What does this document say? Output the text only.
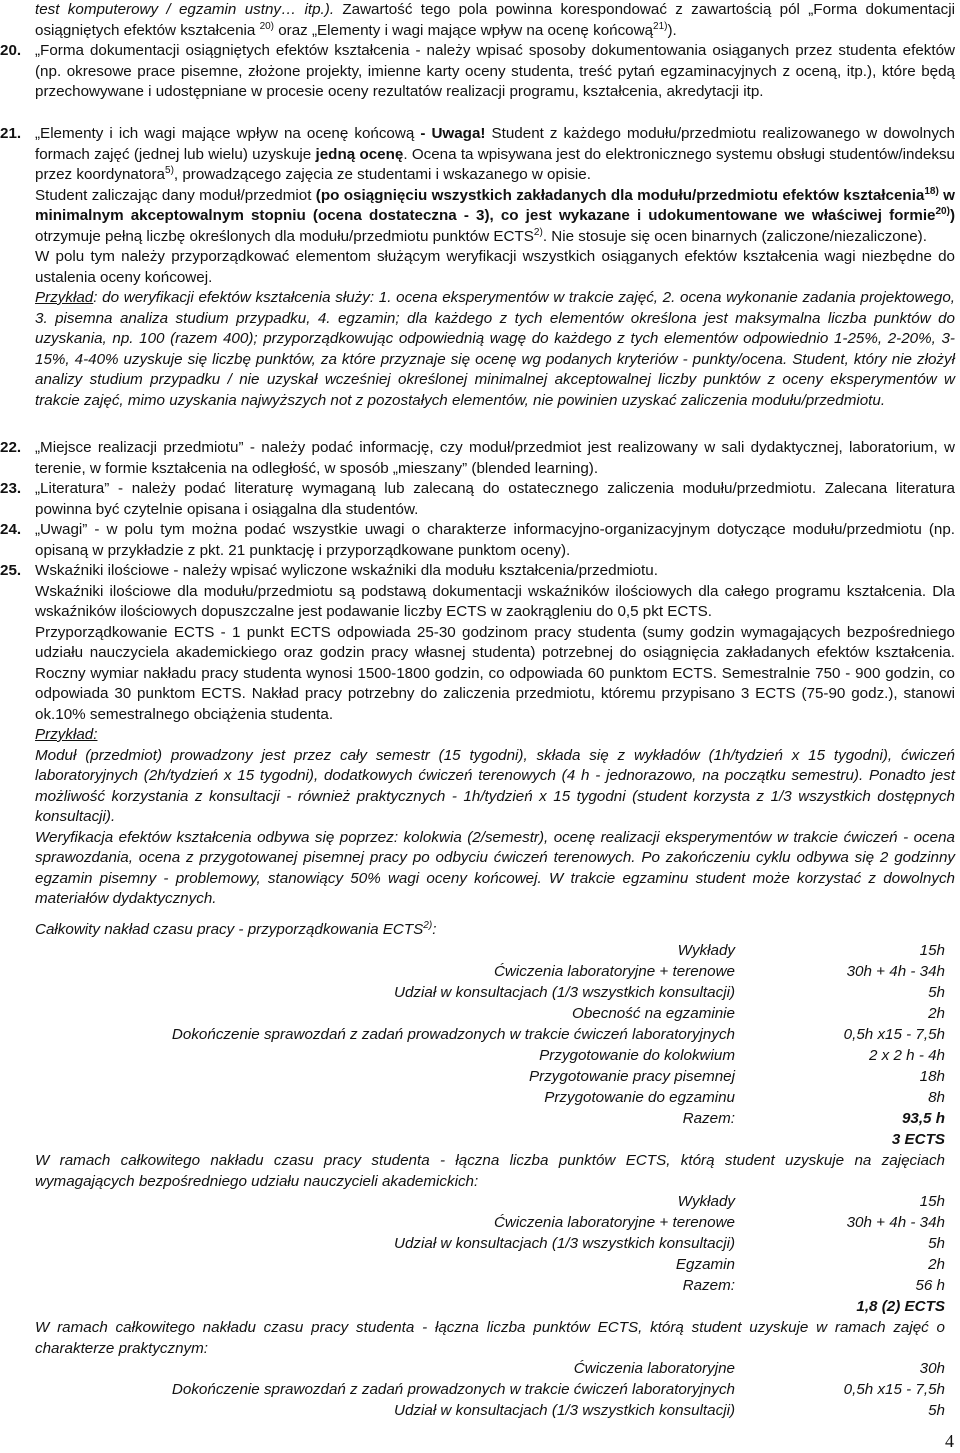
test komputerowy / egzamin ustny… itp.). Zawartość tego pola powinna korespondować z zawartością pól „Forma dokumentacji osiągniętych efektów kształcenia $^{20)}$ oraz „Elementy i wagi mające wpływ na ocenę końcową$^{21)}$).
20. „Forma dokumentacji osiągniętych efektów kształcenia - należy wpisać sposoby dokumentowania osiąganych przez studenta efektów (np. okresowe prace pisemne, złożone projekty, imienne karty oceny studenta, treść pytań egzaminacyjnych z oceną, itp.), które będą przechowywane i udostępniane w procesie oceny rezultatów realizacji programu, kształcenia, akredytacji itp.

21. „Elementy i ich wagi mające wpływ na ocenę końcową - Uwaga! Student z każdego modułu/przedmiotu realizowanego w dowolnych formach zajęć (jednej lub wielu) uzyskuje jedną ocenę. Ocena ta wpisywana jest do elektronicznego systemu obsługi studentów/indeksu przez koordynatora$^{5)}$, prowadzącego zajęcia ze studentami i wskazanego w opisie.

Student zaliczając dany moduł/przedmiot (po osiągnięciu wszystkich zakładanych dla modułu/przedmiotu efektów kształcenia$^{18)}$ w minimalnym akceptowalnym stopniu (ocena dostateczna - 3), co jest wykazane i udokumentowane we właściwej formie$^{20)}$) otrzymuje pełną liczbę określonych dla modułu/przedmiotu punktów ECTS$^{2)}$. Nie stosuje się ocen binarnych (zaliczone/niezaliczone).

W polu tym należy przyporządkować elementom służącym weryfikacji wszystkich osiąganych efektów kształcenia wagi niezbędne do ustalenia oceny końcowej.

Przykład: do weryfikacji efektów kształcenia służy: 1. ocena eksperymentów w trakcie zajęć, 2. ocena wykonanie zadania projektowego, 3. pisemna analiza studium przypadku, 4. egzamin; dla każdego z tych elementów określona jest maksymalna liczba punktów do uzyskania, np. 100 (razem 400); przyporządkowując odpowiednią wagę do każdego z tych elementów odpowiednio 1-25%, 2-20%, 3-15%, 4-40% uzyskuje się liczbę punktów, za które przyznaje się ocenę wg podanych kryteriów - punkty/ocena. Student, który nie złożył analizy studium przypadku / nie uzyskał wcześniej określonej minimalnej akceptowalnej liczby punktów z oceny eksperymentów w trakcie zajęć, mimo uzyskania najwyższych not z pozostałych elementów, nie powinien uzyskać zaliczenia modułu/przedmiotu.

22. „Miejsce realizacji przedmiotu” - należy podać informację, czy moduł/przedmiot jest realizowany w sali dydaktycznej, laboratorium, w terenie, w formie kształcenia na odległość, w sposób „mieszany” (blended learning).

23. „Literatura” - należy podać literaturę wymaganą lub zalecaną do ostatecznego zaliczenia modułu/przedmiotu. Zalecana literatura powinna być czytelnie opisana i osiągalna dla studentów.

24. „Uwagi” - w polu tym można podać wszystkie uwagi o charakterze informacyjno-organizacyjnym dotyczące modułu/przedmiotu (np. opisaną w przykładzie z pkt. 21 punktację i przyporządkowane punktom oceny).

25. Wskaźniki ilościowe - należy wpisać wyliczone wskaźniki dla modułu kształcenia/przedmiotu.

Wskaźniki ilościowe dla modułu/przedmiotu są podstawą dokumentacji wskaźników ilościowych dla całego programu kształcenia. Dla wskaźników ilościowych dopuszczalne jest podawanie liczby ECTS w zaokrągleniu do 0,5 pkt ECTS.

Przyporządkowanie ECTS - 1 punkt ECTS odpowiada 25-30 godzinom pracy studenta (sumy godzin wymagających bezpośredniego udziału nauczyciela akademickiego oraz godzin pracy własnej studenta) potrzebnej do osiągnięcia zakładanych efektów kształcenia. Roczny wymiar nakładu pracy studenta wynosi 1500-1800 godzin, co odpowiada 60 punktom ECTS. Semestralnie 750 - 900 godzin, co odpowiada 30 punktom ECTS. Nakład pracy potrzebny do zaliczenia przedmiotu, któremu przypisano 3 ECTS (75-90 godz.), stanowi ok.10% semestralnego obciążenia studenta.

Przykład:

Moduł (przedmiot) prowadzony jest przez cały semestr (15 tygodni), składa się z wykładów (1h/tydzień x 15 tygodni), ćwiczeń laboratoryjnych (2h/tydzień x 15 tygodni), dodatkowych ćwiczeń terenowych (4 h - jednorazowo, na początku semestru). Ponadto jest możliwość korzystania z konsultacji - również praktycznych - 1h/tydzień x 15 tygodni (student korzysta z 1/3 wszystkich dostępnych konsultacji).

Weryfikacja efektów kształcenia odbywa się poprzez: kolokwia (2/semestr), ocenę realizacji eksperymentów w trakcie ćwiczeń - ocena sprawozdania, ocena z przygotowanej pisemnej pracy po odbyciu ćwiczeń terenowych. Po zakończeniu cyklu odbywa się 2 godzinny egzamin pisemny - problemowy, stanowiący 50% wagi oceny końcowej. W trakcie egzaminu student może korzystać z dowolnych materiałów dydaktycznych.

Całkowity nakład czasu pracy - przyporządkowania ECTS$^{2)}$:
Wykłady	15h
Ćwiczenia laboratoryjne + terenowe	30h + 4h - 34h
Udział w konsultacjach (1/3 wszystkich konsultacji)	5h
Obecność na egzaminie	2h
Dokończenie sprawozdań z zadań prowadzonych w trakcie ćwiczeń laboratoryjnych	0,5h x15 - 7,5h
Przygotowanie do kolokwium	2 x 2 h - 4h
Przygotowanie pracy pisemnej	18h
Przygotowanie do egzaminu	8h
Razem:	93,5 h
	3 ECTS
W ramach całkowitego nakładu czasu pracy studenta - łączna liczba punktów ECTS, którą student uzyskuje na zajęciach wymagających bezpośredniego udziału nauczycieli akademickich:
Wykłady	15h
Ćwiczenia laboratoryjne + terenowe	30h + 4h - 34h
Udział w konsultacjach (1/3 wszystkich konsultacji)	5h
Egzamin	2h
Razem:	56 h
	1,8 (2) ECTS
W ramach całkowitego nakładu czasu pracy studenta - łączna liczba punktów ECTS, którą student uzyskuje w ramach zajęć o charakterze praktycznym:
Ćwiczenia laboratoryjne	30h
Dokończenie sprawozdań z zadań prowadzonych w trakcie ćwiczeń laboratoryjnych	0,5h x15 - 7,5h
Udział w konsultacjach (1/3 wszystkich konsultacji)	5h
4
